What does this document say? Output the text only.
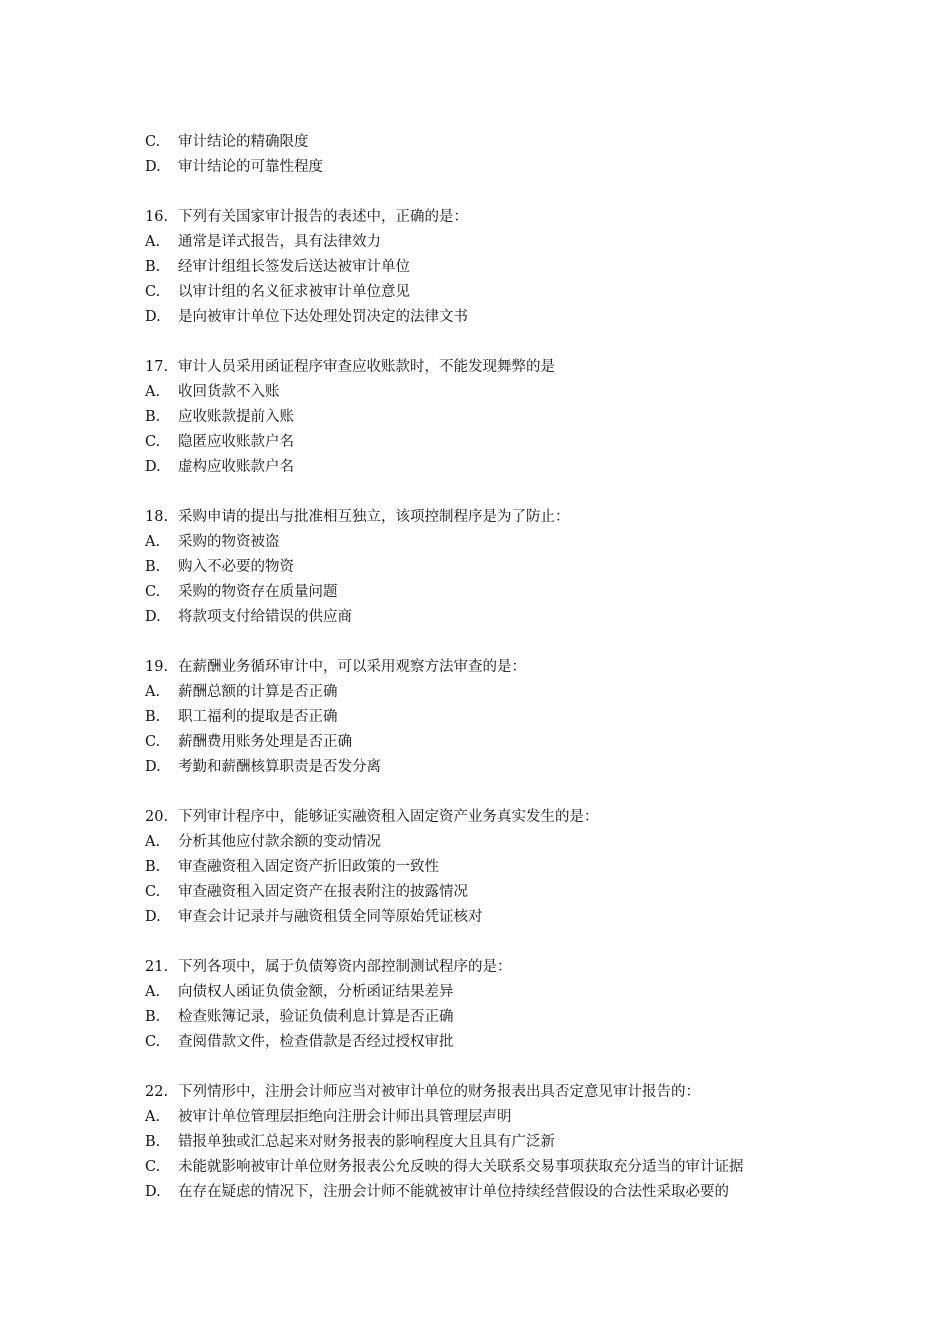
C. 审计结论的精确限度
D. 审计结论的可靠性程度
16. 下列有关国家审计报告的表述中，正确的是：
A. 通常是详式报告，具有法律效力
B. 经审计组组长签发后送达被审计单位
C. 以审计组的名义征求被审计单位意见
D. 是向被审计单位下达处理处罚决定的法律文书
17. 审计人员采用函证程序审查应收账款时，不能发现舞弊的是
A. 收回货款不入账
B. 应收账款提前入账
C. 隐匿应收账款户名
D. 虚构应收账款户名
18. 采购申请的提出与批准相互独立，该项控制程序是为了防止：
A. 采购的物资被盗
B. 购入不必要的物资
C. 采购的物资存在质量问题
D. 将款项支付给错误的供应商
19. 在薪酬业务循环审计中，可以采用观察方法审查的是：
A. 薪酬总额的计算是否正确
B. 职工福利的提取是否正确
C. 薪酬费用账务处理是否正确
D. 考勤和薪酬核算职责是否发分离
20. 下列审计程序中，能够证实融资租入固定资产业务真实发生的是：
A. 分析其他应付款余额的变动情况
B. 审查融资租入固定资产折旧政策的一致性
C. 审查融资租入固定资产在报表附注的披露情况
D. 审查会计记录并与融资租赁全同等原始凭证核对
21. 下列各项中，属于负债筹资内部控制测试程序的是：
A. 向债权人函证负债金额，分析函证结果差异
B. 检查账簿记录，验证负债利息计算是否正确
C. 查阅借款文件，检查借款是否经过授权审批
22. 下列情形中，注册会计师应当对被审计单位的财务报表出具否定意见审计报告的：
A. 被审计单位管理层拒绝向注册会计师出具管理层声明
B. 错报单独或汇总起来对财务报表的影响程度大且具有广泛新
C. 未能就影响被审计单位财务报表公允反映的得大关联系交易事项获取充分适当的审计证据
D. 在存在疑虑的情况下，注册会计师不能就被审计单位持续经营假设的合法性采取必要的
